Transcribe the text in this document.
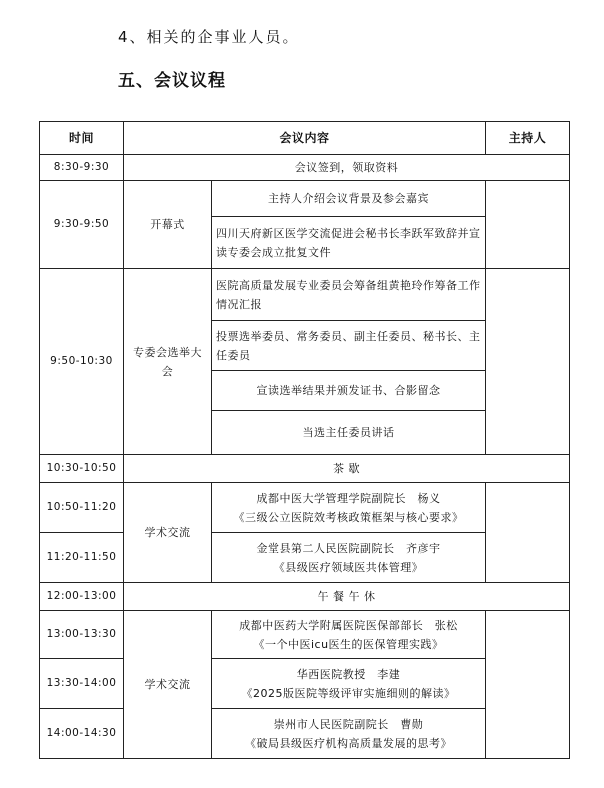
4、相关的企事业人员。
五、会议议程
时间	会议内容		主持人
8:30-9:30	会议签到，领取资料		
9:30-9:50	开幕式	主持人介绍会议背景及参会嘉宾	
		四川天府新区医学交流促进会秘书长李跃军致辞并宣读专委会成立批复文件	
9:50-10:30	专委会选举大会	医院高质量发展专业委员会筹备组黄艳玲作筹备工作情况汇报	
		投票选举委员、常务委员、副主任委员、秘书长、主任委员	
		宣读选举结果并颁发证书、合影留念	
		当选主任委员讲话	
10:30-10:50	茶 歇		
10:50-11:20	学术交流	成都中医大学管理学院副院长　杨义
《三级公立医院效考核政策框架与核心要求》	

11:20-11:50		金堂县第二人民医院副院长　齐彦宇
《县级医疗领域医共体管理》	

12:00-13:00	午 餐 午 休		
13:00-13:30	学术交流	成都中医药大学附属医院医保部部长　张松
《一个中医icu医生的医保管理实践》	

13:30-14:00		华西医院教授　李建
《2025版医院等级评审实施细则的解读》	

14:00-14:30		崇州市人民医院副院长　曹勋
《破局县级医疗机构高质量发展的思考》	
